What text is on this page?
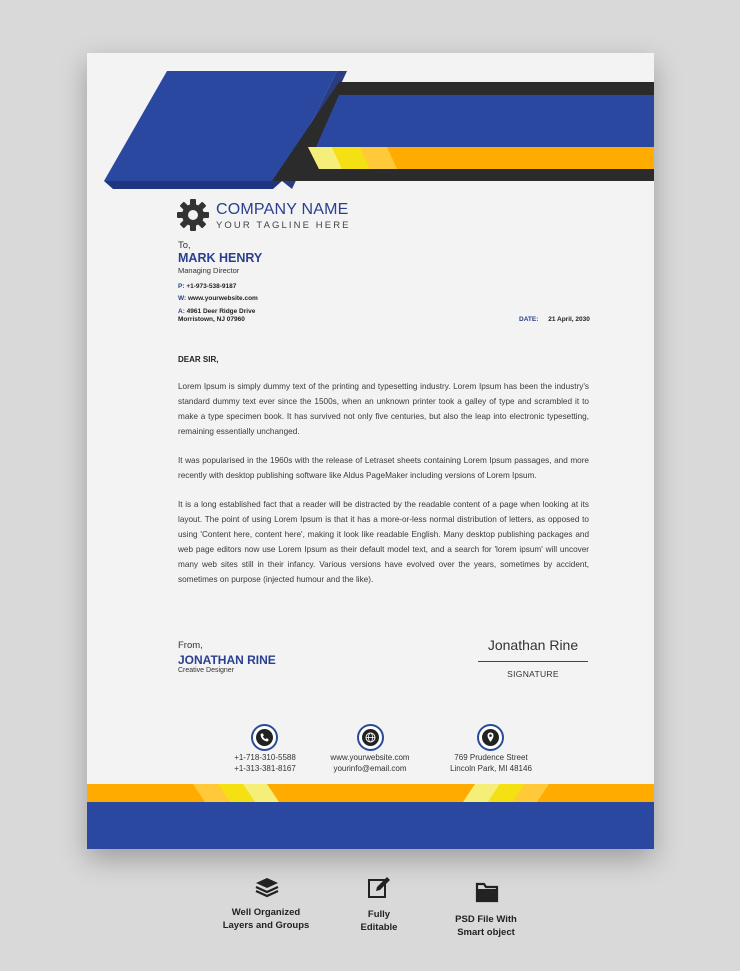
COMPANY NAME
YOUR TAGLINE HERE
To,
MARK HENRY
Managing Director
P: +1-973-538-9187
W: www.yourwebsite.com
A: 4961 Deer Ridge Drive
Morristown, NJ 07960	DATE: 21 April, 2030
DEAR SIR,

Lorem Ipsum is simply dummy text of the printing and typesetting industry. Lorem Ipsum has been the industry's standard dummy text ever since the 1500s, when an unknown printer took a galley of type and scrambled it to make a type specimen book. It has survived not only five centuries, but also the leap into electronic typesetting, remaining essentially unchanged.

It was popularised in the 1960s with the release of Letraset sheets containing Lorem Ipsum passages, and more recently with desktop publishing software like Aldus PageMaker including versions of Lorem Ipsum.

It is a long established fact that a reader will be distracted by the readable content of a page when looking at its layout. The point of using Lorem Ipsum is that it has a more-or-less normal distribution of letters, as opposed to using 'Content here, content here', making it look like readable English. Many desktop publishing packages and web page editors now use Lorem Ipsum as their default model text, and a search for 'lorem ipsum' will uncover many web sites still in their infancy. Various versions have evolved over the years, sometimes by accident, sometimes on purpose (injected humour and the like).

From,
JONATHAN RINE
Creative Designer
Jonathan Rine
SIGNATURE
+1-718-310-5588
+1-313-381-8167
www.yourwebsite.com
yourinfo@email.com
769 Prudence Street
Lincoln Park, MI 48146
Well Organized
Layers and Groups
Fully
Editable
PSD File With
Smart object
